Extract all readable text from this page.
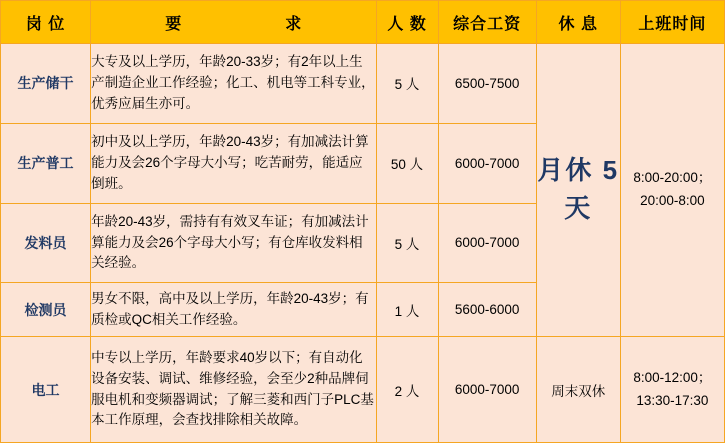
岗 位	要　　　求	人 数	综合工资	休 息	上班时间
生产储干	大专及以上学历，年龄20-33岁；有2年以上生产制造企业工作经验；化工、机电等工科专业，优秀应届生亦可。	5 人	6500-7500	月休 5天	8:00-20:00； 20:00-8:00
生产普工	初中及以上学历，年龄20-43岁；有加减法计算能力及会26个字母大小写；吃苦耐劳，能适应倒班。	50 人	6000-7000		
发料员	年龄20-43岁，需持有有效叉车证；有加减法计算能力及会26个字母大小写；有仓库收发料相关经验。	5 人	6000-7000		
检测员	男女不限，高中及以上学历，年龄20-43岁；有质检或QC相关工作经验。	1 人	5600-6000		
电工	中专以上学历，年龄要求40岁以下；有自动化设备安装、调试、维修经验，会至少2种品牌伺服电机和变频器调试；了解三菱和西门子PLC基本工作原理，会查找排除相关故障。	2 人	6000-7000	周末双休	8:00-12:00； 13:30-17:30
